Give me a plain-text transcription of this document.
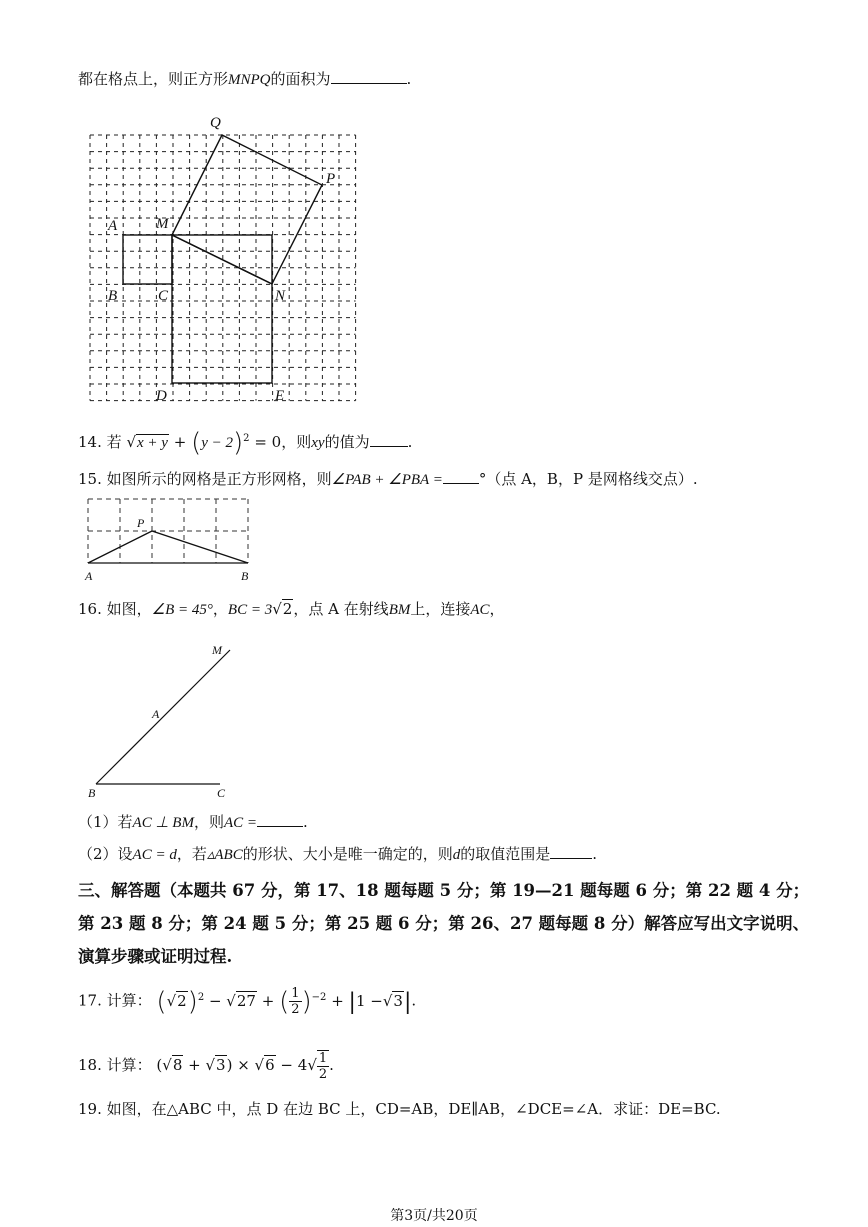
都在格点上，则正方形MNPQ的面积为	.
Q
P
A	M
B	C	N
D	E
14. 若 $√x + y + (y - 2)^2 = 0$，则xy的值为	.
15. 如图所示的网格是正方形网格，则∠PAB + ∠PBA = °（点 A，B，P 是网格线交点）.
P
A	B
16. 如图，∠B = 45°，BC = 3√2，点 A 在射线BM上，连接AC，
M
A
B	C
（1）若AC ⊥ BM，则AC =	.
（2）设AC = d，若▵ABC的形状、大小是唯一确定的，则d的取值范围是	.
三、解答题（本题共 67 分，第 17、18 题每题 5 分；第 19—21 题每题 6 分；第 22 题 4 分；
第 23 题 8 分；第 24 题 5 分；第 25 题 6 分；第 26、27 题每题 8 分）解答应写出文字说明、
演算步骤或证明过程.
17. 计算： $(√2)^2 - √27$ + ( $\frac{1}{2} )^{-2} + |1 -√3|$.
18. 计算： $(√8 + √3) \times √6 - 4√ \frac{1}{2}$ .
19. 如图，在△ABC 中，点 D 在边 BC 上，CD=AB，DE∥AB，∠DCE=∠A．求证：DE=BC.
第3页/共20页
